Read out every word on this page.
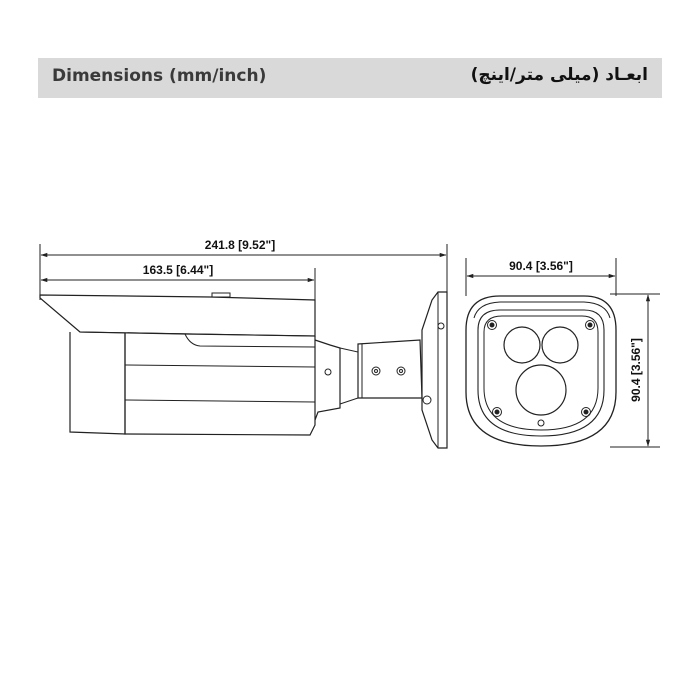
Dimensions (mm/inch)	ابعـاد (میلی متر/اینچ)
241.8 [9.52"]
163.5 [6.44"]	90.4 [3.56"]
90.4 [3.56"]
